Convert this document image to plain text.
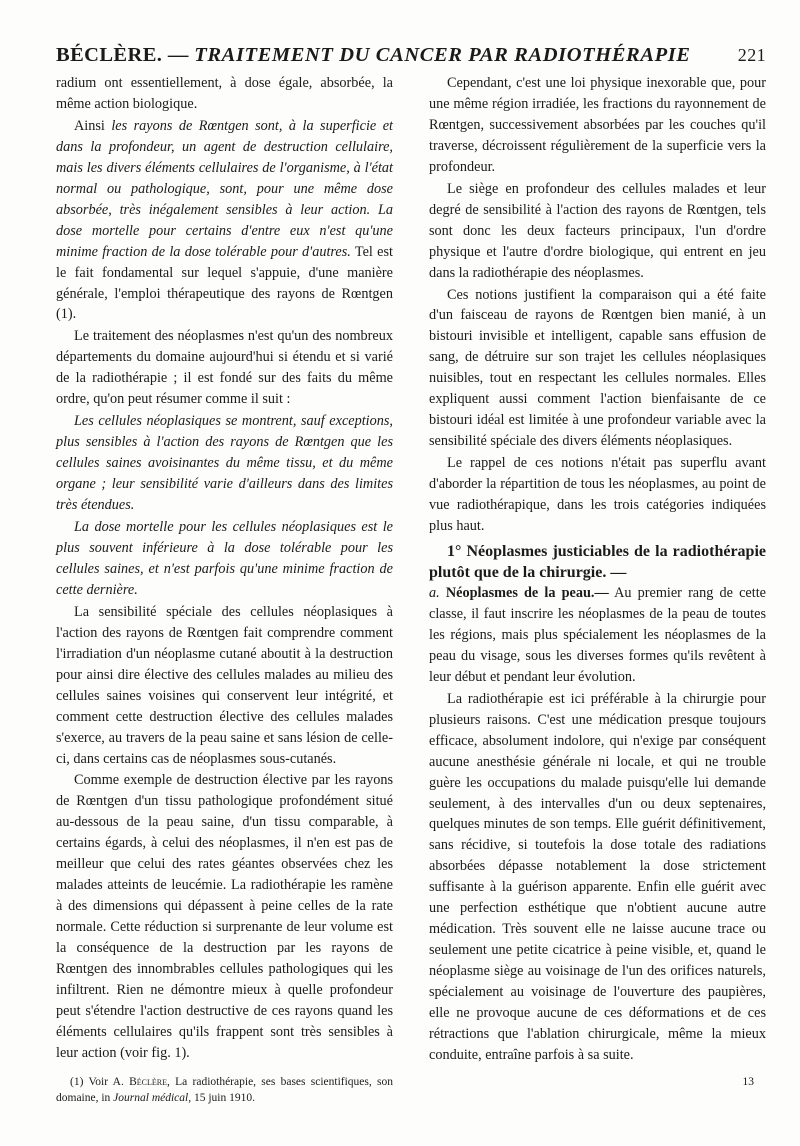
BÉCLÈRE. — TRAITEMENT DU CANCER PAR RADIOTHÉRAPIE	221

radium ont essentiellement, à dose égale, absorbée, la même action biologique.

Ainsi les rayons de Rœntgen sont, à la superficie et dans la profondeur, un agent de destruction cellulaire, mais les divers éléments cellulaires de l'organisme, à l'état normal ou pathologique, sont, pour une même dose absorbée, très inégalement sensibles à leur action. La dose mortelle pour certains d'entre eux n'est qu'une minime fraction de la dose tolérable pour d'autres. Tel est le fait fondamental sur lequel s'appuie, d'une manière générale, l'emploi thérapeutique des rayons de Rœntgen (1).

Le traitement des néoplasmes n'est qu'un des nombreux départements du domaine aujourd'hui si étendu et si varié de la radiothérapie ; il est fondé sur des faits du même ordre, qu'on peut résumer comme il suit :

Les cellules néoplasiques se montrent, sauf exceptions, plus sensibles à l'action des rayons de Rœntgen que les cellules saines avoisinantes du même tissu, et du même organe ; leur sensibilité varie d'ailleurs dans des limites très étendues.

La dose mortelle pour les cellules néoplasiques est le plus souvent inférieure à la dose tolérable pour les cellules saines, et n'est parfois qu'une minime fraction de cette dernière.

La sensibilité spéciale des cellules néoplasiques à l'action des rayons de Rœntgen fait comprendre comment l'irradiation d'un néoplasme cutané aboutit à la destruction pour ainsi dire élective des cellules malades au milieu des cellules saines voisines qui conservent leur intégrité, et comment cette destruction élective des cellules malades s'exerce, au travers de la peau saine et sans lésion de celle-ci, dans certains cas de néoplasmes sous-cutanés.

Comme exemple de destruction élective par les rayons de Rœntgen d'un tissu pathologique profondément situé au-dessous de la peau saine, d'un tissu comparable, à certains égards, à celui des néoplasmes, il n'en est pas de meilleur que celui des rates géantes observées chez les malades atteints de leucémie. La radiothérapie les ramène à des dimensions qui dépassent à peine celles de la rate normale. Cette réduction si surprenante de leur volume est la conséquence de la destruction par les rayons de Rœntgen des innombrables cellules pathologiques qui les infiltrent. Rien ne démontre mieux à quelle profondeur peut s'étendre l'action destructive de ces rayons quand les éléments cellulaires qu'ils frappent sont très sensibles à leur action (voir fig. 1).

(1) Voir A. Béclère, La radiothérapie, ses bases scientifiques, son domaine, in Journal médical, 15 juin 1910.

Cependant, c'est une loi physique inexorable que, pour une même région irradiée, les fractions du rayonnement de Rœntgen, successivement absorbées par les couches qu'il traverse, décroissent régulièrement de la superficie vers la profondeur.

Le siège en profondeur des cellules malades et leur degré de sensibilité à l'action des rayons de Rœntgen, tels sont donc les deux facteurs principaux, l'un d'ordre physique et l'autre d'ordre biologique, qui entrent en jeu dans la radiothérapie des néoplasmes.

Ces notions justifient la comparaison qui a été faite d'un faisceau de rayons de Rœntgen bien manié, à un bistouri invisible et intelligent, capable sans effusion de sang, de détruire sur son trajet les cellules néoplasiques nuisibles, tout en respectant les cellules normales. Elles expliquent aussi comment l'action bienfaisante de ce bistouri idéal est limitée à une profondeur variable avec la sensibilité spéciale des divers éléments néoplasiques.

Le rappel de ces notions n'était pas superflu avant d'aborder la répartition de tous les néoplasmes, au point de vue radiothérapique, dans les trois catégories indiquées plus haut.

1° Néoplasmes justiciables de la radiothérapie plutôt que de la chirurgie. —

a. Néoplasmes de la peau.— Au premier rang de cette classe, il faut inscrire les néoplasmes de la peau de toutes les régions, mais plus spécialement les néoplasmes de la peau du visage, sous les diverses formes qu'ils revêtent à leur début et pendant leur évolution.

La radiothérapie est ici préférable à la chirurgie pour plusieurs raisons. C'est une médication presque toujours efficace, absolument indolore, qui n'exige par conséquent aucune anesthésie générale ni locale, et qui ne trouble guère les occupations du malade puisqu'elle lui demande seulement, à des intervalles d'un ou deux septenaires, quelques minutes de son temps. Elle guérit définitivement, sans récidive, si toutefois la dose totale des radiations absorbées dépasse notablement la dose strictement suffisante à la guérison apparente. Enfin elle guérit avec une perfection esthétique que n'obtient aucune autre médication. Très souvent elle ne laisse aucune trace ou seulement une petite cicatrice à peine visible, et, quand le néoplasme siège au voisinage de l'un des orifices naturels, spécialement au voisinage de l'ouverture des paupières, elle ne provoque aucune de ces déformations et de ces rétractions que l'ablation chirurgicale, même la mieux conduite, entraîne parfois à sa suite.

13
